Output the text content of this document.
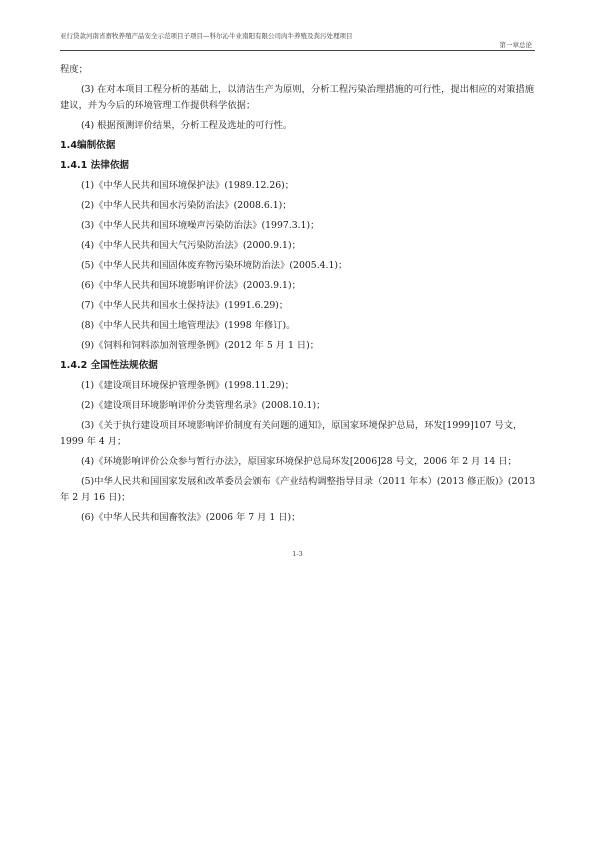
亚行贷款河南省畜牧养殖产品安全示范项目子项目—科尔沁牛业南阳有限公司肉牛养殖及粪污处理项目
第一章总论

程度；

(3) 在对本项目工程分析的基础上，以清洁生产为原则，分析工程污染治理措施的可行性，提出相应的对策措施建议，并为今后的环境管理工作提供科学依据；

(4) 根据预测评价结果，分析工程及选址的可行性。

1.4编制依据

1.4.1 法律依据

(1)《中华人民共和国环境保护法》(1989.12.26)；

(2)《中华人民共和国水污染防治法》(2008.6.1)；

(3)《中华人民共和国环境噪声污染防治法》(1997.3.1)；

(4)《中华人民共和国大气污染防治法》(2000.9.1)；

(5)《中华人民共和国固体废弃物污染环境防治法》(2005.4.1)；

(6)《中华人民共和国环境影响评价法》(2003.9.1)；

(7)《中华人民共和国水土保持法》(1991.6.29)；

(8)《中华人民共和国土地管理法》(1998 年修订)。

(9)《饲料和饲料添加剂管理条例》(2012 年 5 月 1 日)；

1.4.2 全国性法规依据

(1)《建设项目环境保护管理条例》(1998.11.29)；

(2)《建设项目环境影响评价分类管理名录》(2008.10.1)；

(3)《关于执行建设项目环境影响评价制度有关问题的通知》，原国家环境保护总局，环发[1999]107 号文，1999 年 4 月；

(4)《环境影响评价公众参与暂行办法》，原国家环境保护总局环发[2006]28 号文，2006 年 2 月 14 日；

(5)中华人民共和国国家发展和改革委员会颁布《产业结构调整指导目录（2011 年本）(2013 修正版)》(2013 年 2 月 16 日)；

(6)《中华人民共和国畜牧法》(2006 年 7 月 1 日)；

1-3
